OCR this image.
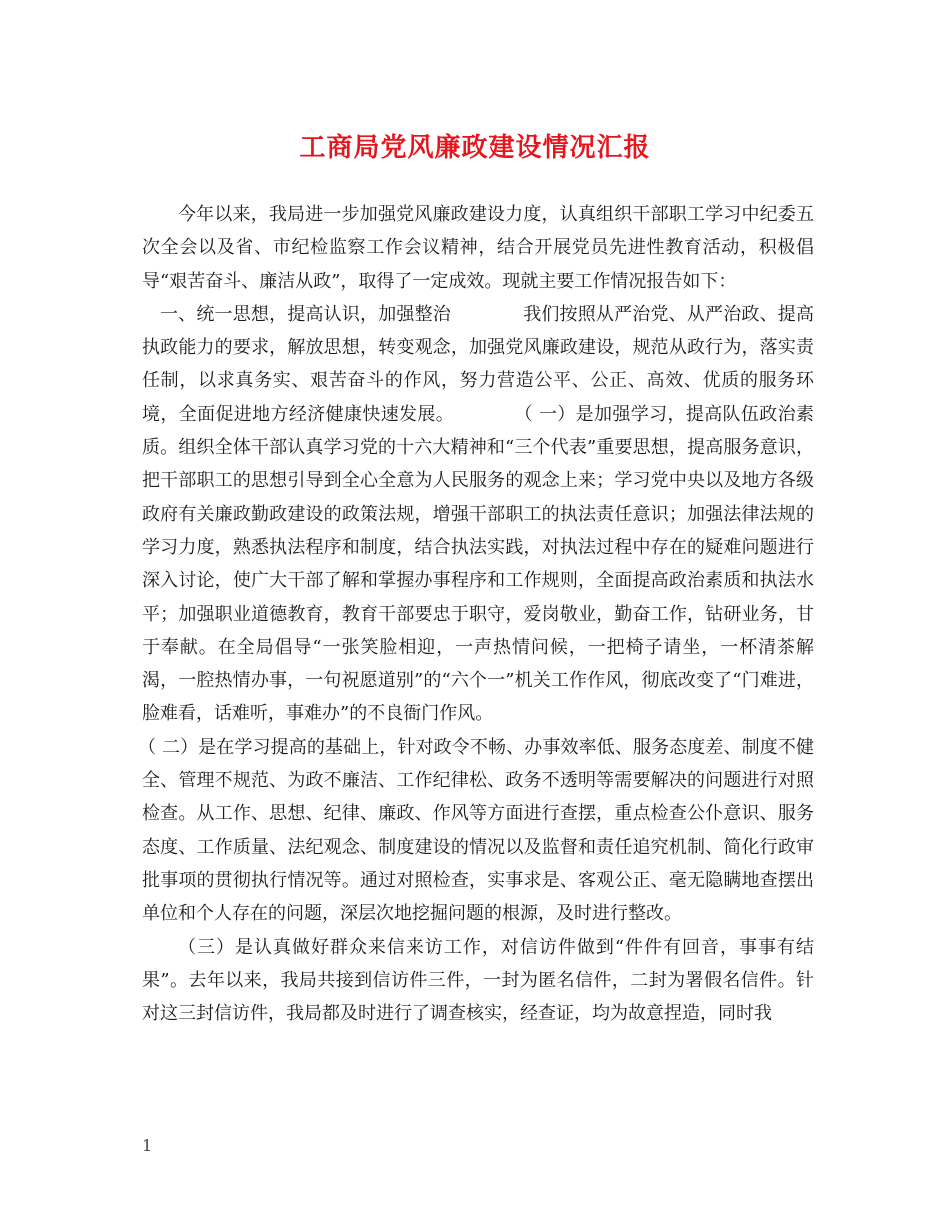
工商局党风廉政建设情况汇报

今年以来，我局进一步加强党风廉政建设力度，认真组织干部职工学习中纪委五次全会以及省、市纪检监察工作会议精神，结合开展党员先进性教育活动，积极倡导“艰苦奋斗、廉洁从政”，取得了一定成效。现就主要工作情况报告如下：

一、统一思想，提高认识，加强整治	我们按照从严治党、从严治政、提高执政能力的要求，解放思想，转变观念，加强党风廉政建设，规范从政行为，落实责任制，以求真务实、艰苦奋斗的作风，努力营造公平、公正、高效、优质的服务环境，全面促进地方经济健康快速发展。	（ 一）是加强学习，提高队伍政治素质。组织全体干部认真学习党的十六大精神和“三个代表”重要思想，提高服务意识，把干部职工的思想引导到全心全意为人民服务的观念上来；学习党中央以及地方各级政府有关廉政勤政建设的政策法规，增强干部职工的执法责任意识；加强法律法规的学习力度，熟悉执法程序和制度，结合执法实践，对执法过程中存在的疑难问题进行深入讨论，使广大干部了解和掌握办事程序和工作规则，全面提高政治素质和执法水平；加强职业道德教育，教育干部要忠于职守，爱岗敬业，勤奋工作，钻研业务，甘于奉献。在全局倡导“一张笑脸相迎，一声热情问候，一把椅子请坐，一杯清茶解渴，一腔热情办事，一句祝愿道别”的“六个一”机关工作作风，彻底改变了“门难进，脸难看，话难听，事难办”的不良衙门作风。

（ 二）是在学习提高的基础上，针对政令不畅、办事效率低、服务态度差、制度不健全、管理不规范、为政不廉洁、工作纪律松、政务不透明等需要解决的问题进行对照检查。从工作、思想、纪律、廉政、作风等方面进行查摆，重点检查公仆意识、服务态度、工作质量、法纪观念、制度建设的情况以及监督和责任追究机制、简化行政审批事项的贯彻执行情况等。通过对照检查，实事求是、客观公正、毫无隐瞒地查摆出单位和个人存在的问题，深层次地挖掘问题的根源，及时进行整改。

（三）是认真做好群众来信来访工作，对信访件做到“件件有回音，事事有结果”。去年以来，我局共接到信访件三件，一封为匿名信件，二封为署假名信件。针对这三封信访件，我局都及时进行了调查核实，经查证，均为故意捏造，同时我

1
